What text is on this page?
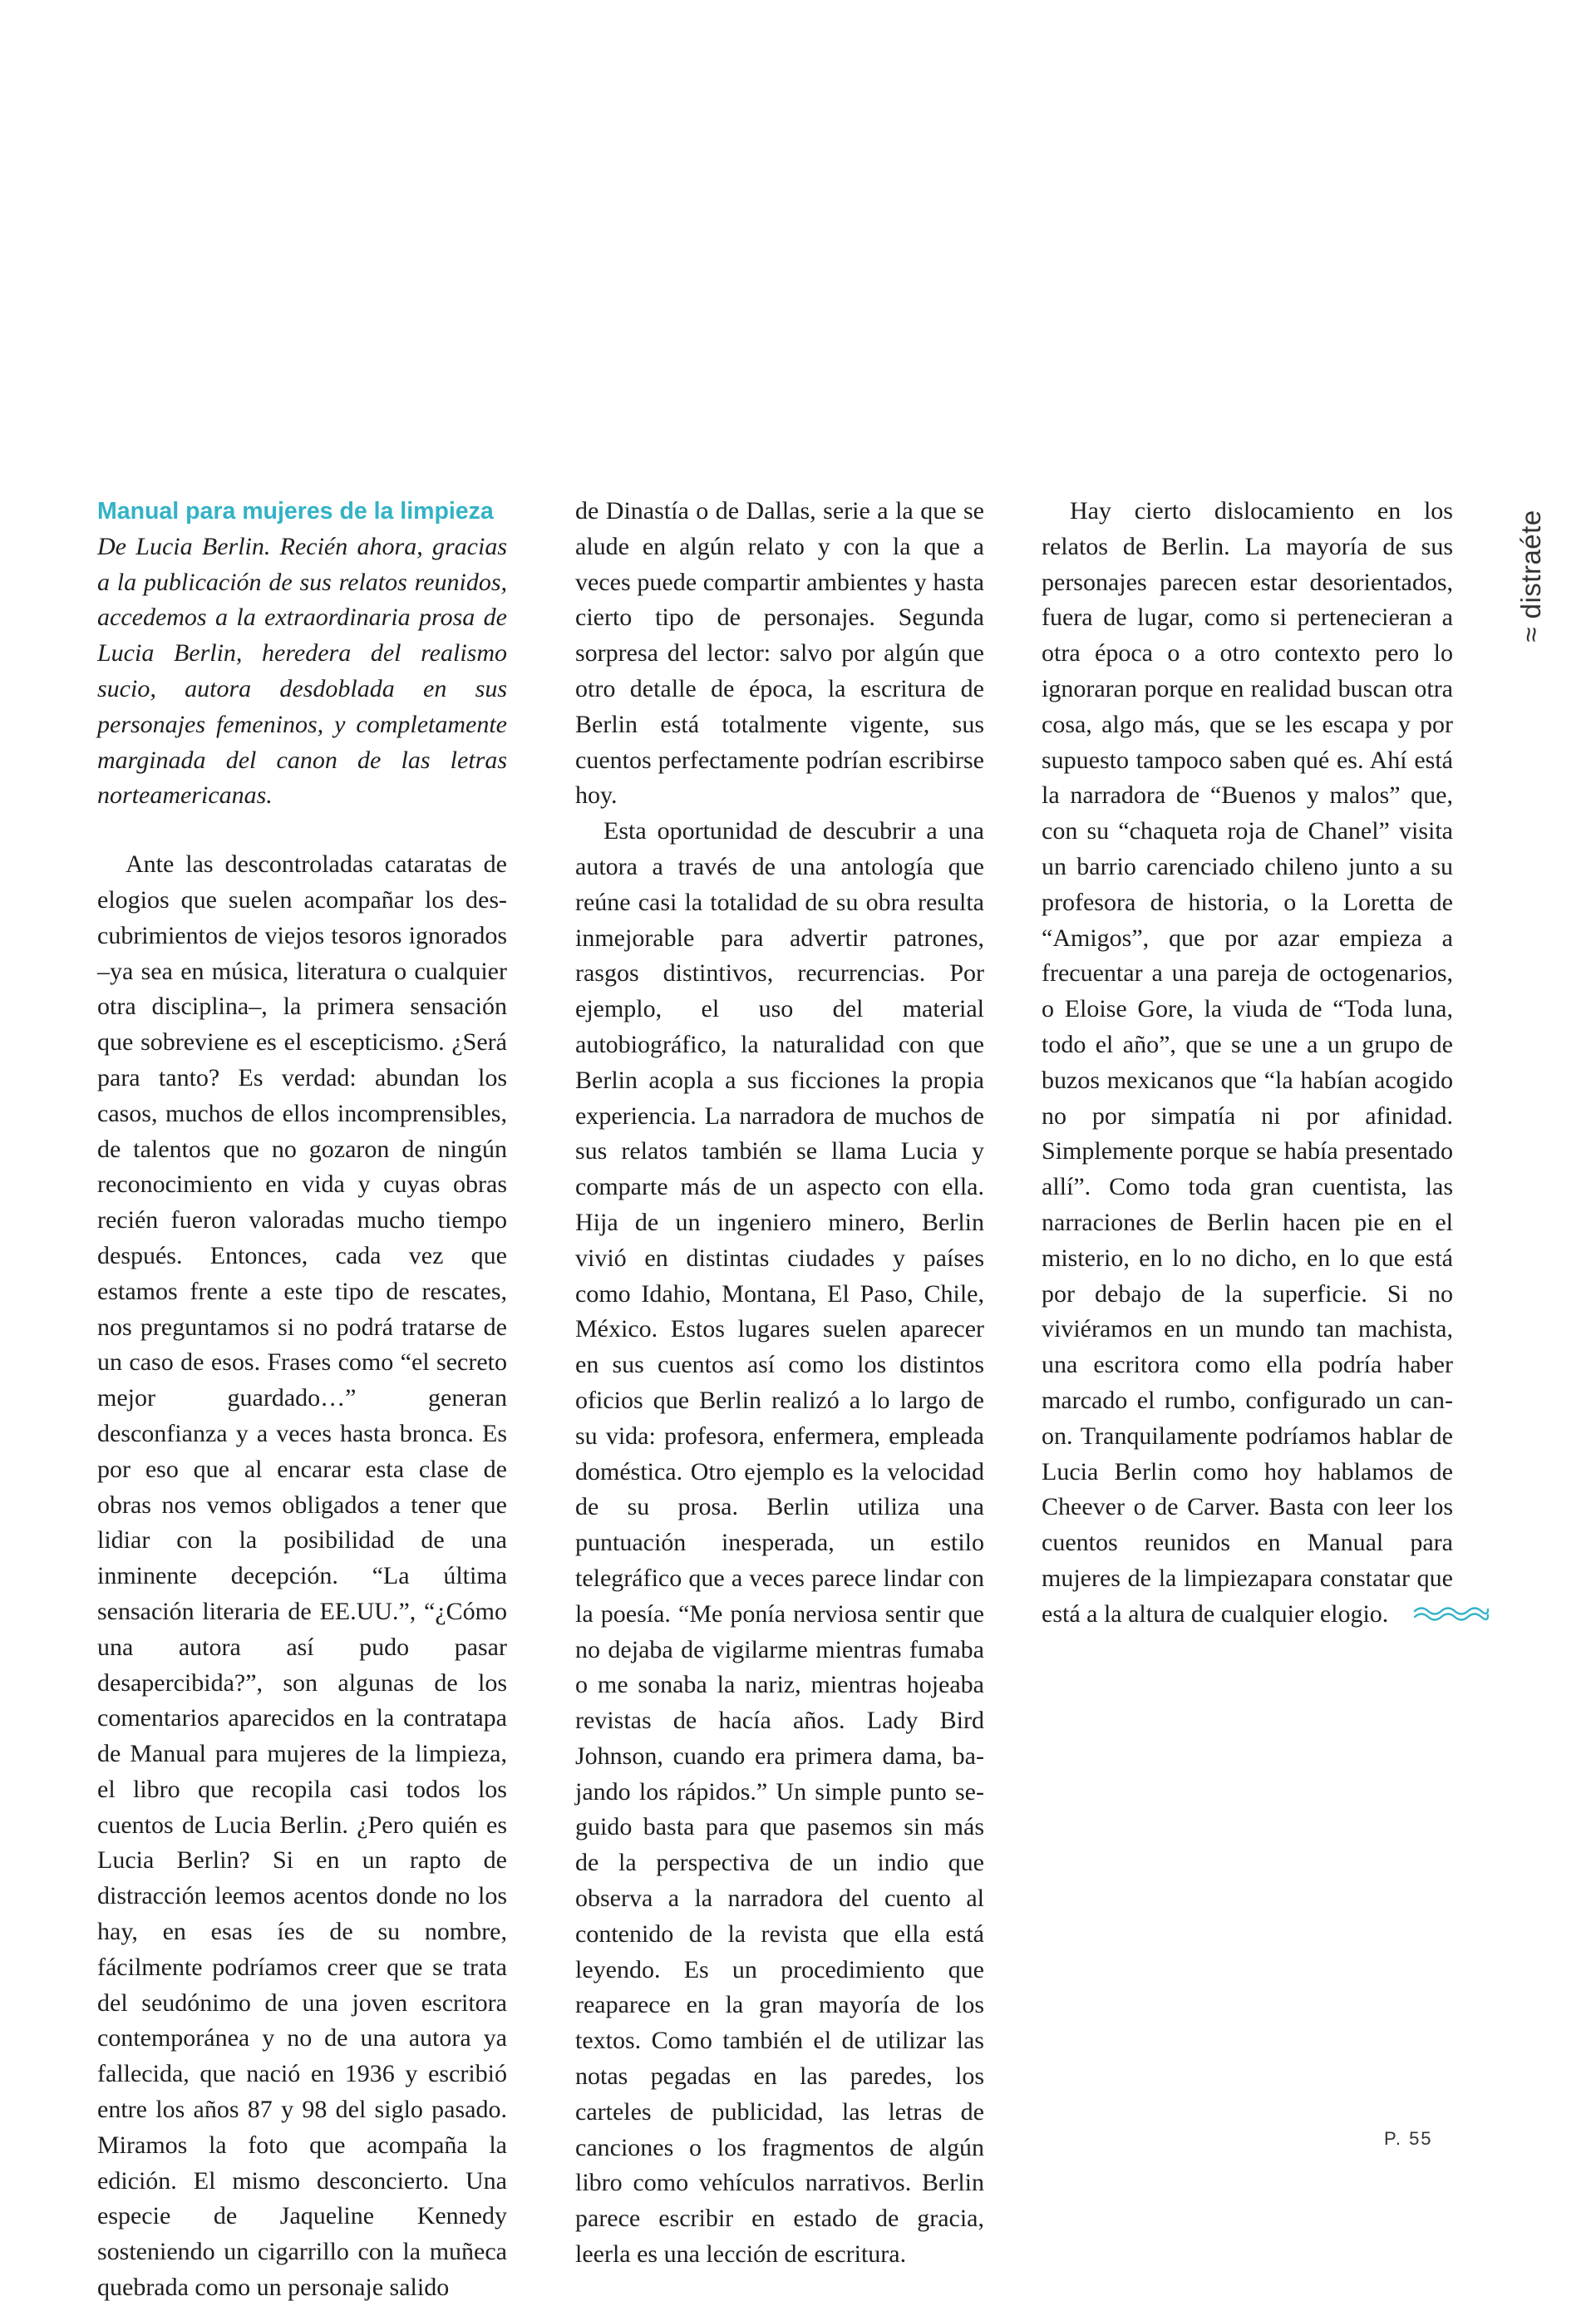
Manual para mujeres de la limpieza

De Lucia Berlin. Recién ahora, gracias a la publicación de sus relatos reunidos, accedemos a la extraordinaria prosa de Lucia Berlin, heredera del realismo sucio, autora desdoblada en sus personajes femeninos, y completamente marginada del canon de las letras norteamericanas.

Ante las descontroladas cataratas de elogios que suelen acompañar los descubrimientos de viejos tesoros ignorados –ya sea en música, literatura o cualquier otra disciplina–, la primera sensación que sobreviene es el escepticismo. ¿Será para tanto? Es verdad: abundan los casos, muchos de ellos incomprensibles, de talentos que no gozaron de ningún reconocimiento en vida y cuyas obras recién fueron valoradas mucho tiempo después. Entonces, cada vez que estamos frente a este tipo de rescates, nos preguntamos si no podrá tratarse de un caso de esos. Frases como “el secreto mejor guardado…” generan desconfianza y a veces hasta bronca. Es por eso que al encarar esta clase de obras nos vemos obligados a tener que lidiar con la posibilidad de una inminente decepción. “La última sensación literaria de EE.UU.”, “¿Cómo una autora así pudo pasar desapercibida?”, son algunas de los comentarios aparecidos en la contratapa de Manual para mujeres de la limpieza, el libro que recopila casi todos los cuentos de Lucia Berlin. ¿Pero quién es Lucia Berlin? Si en un rapto de distracción leemos acentos donde no los hay, en esas íes de su nombre, fácilmente podríamos creer que se trata del seudónimo de una joven escritora contemporánea y no de una autora ya fallecida, que nació en 1936 y escribió entre los años 87 y 98 del siglo pasado. Miramos la foto que acompaña la edición. El mismo desconcierto. Una especie de Jaqueline Kennedy sosteniendo un cigarrillo con la muñeca quebrada como un personaje salido

de Dinastía o de Dallas, serie a la que se alude en algún relato y con la que a veces puede compartir ambientes y hasta cierto tipo de personajes. Segunda sorpresa del lector: salvo por algún que otro detalle de época, la escritura de Berlin está totalmente vigente, sus cuentos perfectamente podrían escribirse hoy.

Esta oportunidad de descubrir a una autora a través de una antología que reúne casi la totalidad de su obra resulta inmejorable para advertir patrones, rasgos distintivos, recurrencias. Por ejemplo, el uso del material autobiográfico, la naturalidad con que Berlin acopla a sus ficciones la propia experiencia. La narradora de muchos de sus relatos también se llama Lucia y comparte más de un aspecto con ella. Hija de un ingeniero minero, Berlin vivió en distintas ciudades y países como Idahio, Montana, El Paso, Chile, México. Estos lugares suelen aparecer en sus cuentos así como los distintos oficios que Berlin realizó a lo largo de su vida: profesora, enfermera, empleada doméstica. Otro ejemplo es la velocidad de su prosa. Berlin utiliza una puntuación inesperada, un estilo telegráfico que a veces parece lindar con la poesía. “Me ponía nerviosa sentir que no dejaba de vigilarme mientras fumaba o me sonaba la nariz, mientras hojeaba revistas de hacía años. Lady Bird Johnson, cuando era primera dama, bajando los rápidos.” Un simple punto seguido basta para que pasemos sin más de la perspectiva de un indio que observa a la narradora del cuento al contenido de la revista que ella está leyendo. Es un procedimiento que reaparece en la gran mayoría de los textos. Como también el de utilizar las notas pegadas en las paredes, los carteles de publicidad, las letras de canciones o los fragmentos de algún libro como vehículos narrativos. Berlin parece escribir en estado de gracia, leerla es una lección de escritura.

Hay cierto dislocamiento en los relatos de Berlin. La mayoría de sus personajes parecen estar desorientados, fuera de lugar, como si pertenecieran a otra época o a otro contexto pero lo ignoraran porque en realidad buscan otra cosa, algo más, que se les escapa y por supuesto tampoco saben qué es. Ahí está la narradora de “Buenos y malos” que, con su “chaqueta roja de Chanel” visita un barrio carenciado chileno junto a su profesora de historia, o la Loretta de “Amigos”, que por azar empieza a frecuentar a una pareja de octogenarios, o Eloise Gore, la viuda de “Toda luna, todo el año”, que se une a un grupo de buzos mexicanos que “la habían acogido no por simpatía ni por afinidad. Simplemente porque se había presentado allí”. Como toda gran cuentista, las narraciones de Berlin hacen pie en el misterio, en lo no dicho, en lo que está por debajo de la superficie. Si no viviéramos en un mundo tan machista, una escritora como ella podría haber marcado el rumbo, configurado un canon. Tranquilamente podríamos hablar de Lucia Berlin como hoy hablamos de Cheever o de Carver. Basta con leer los cuentos reunidos en Manual para mujeres de la limpiezapara constatar que está a la altura de cualquier elogio.

≈ distraéte
P. 55
